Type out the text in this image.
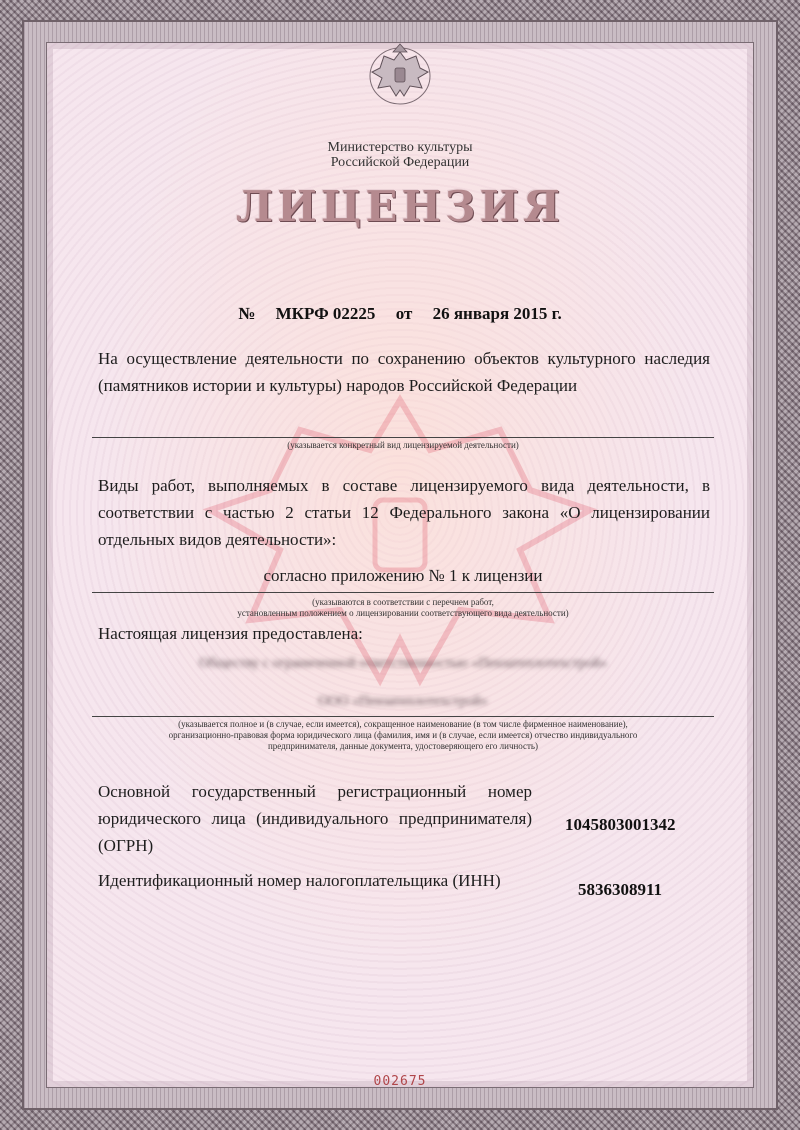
Министерство культуры
Российской Федерации
ЛИЦЕНЗИЯ
№ МКРФ 02225 от 26 января 2015 г.
На осуществление деятельности по сохранению объектов культурного наследия (памятников истории и культуры) народов Российской Федерации
(указывается конкретный вид лицензируемой деятельности)
Виды работ, выполняемых в составе лицензируемого вида деятельности, в соответствии с частью 2 статьи 12 Федерального закона «О лицензировании отдельных видов деятельности»:
согласно приложению № 1 к лицензии
(указываются в соответствии с перечнем работ,
установленным положением о лицензировании соответствующего вида деятельности)
Настоящая лицензия предоставлена:
Обществу с ограниченной ответственностью «Пензатеплотехстрой»
ООО «Пензатеплотехстрой»
(указывается полное и (в случае, если имеется), сокращенное наименование (в том числе фирменное наименование),
организационно-правовая форма юридического лица (фамилия, имя и (в случае, если имеется) отчество индивидуального
предпринимателя, данные документа, удостоверяющего его личность)
Основной государственный регистрационный номер юридического лица (индивидуального предпринимателя) (ОГРН)
1045803001342
Идентификационный номер налогоплательщика (ИНН)	5836308911
002675
